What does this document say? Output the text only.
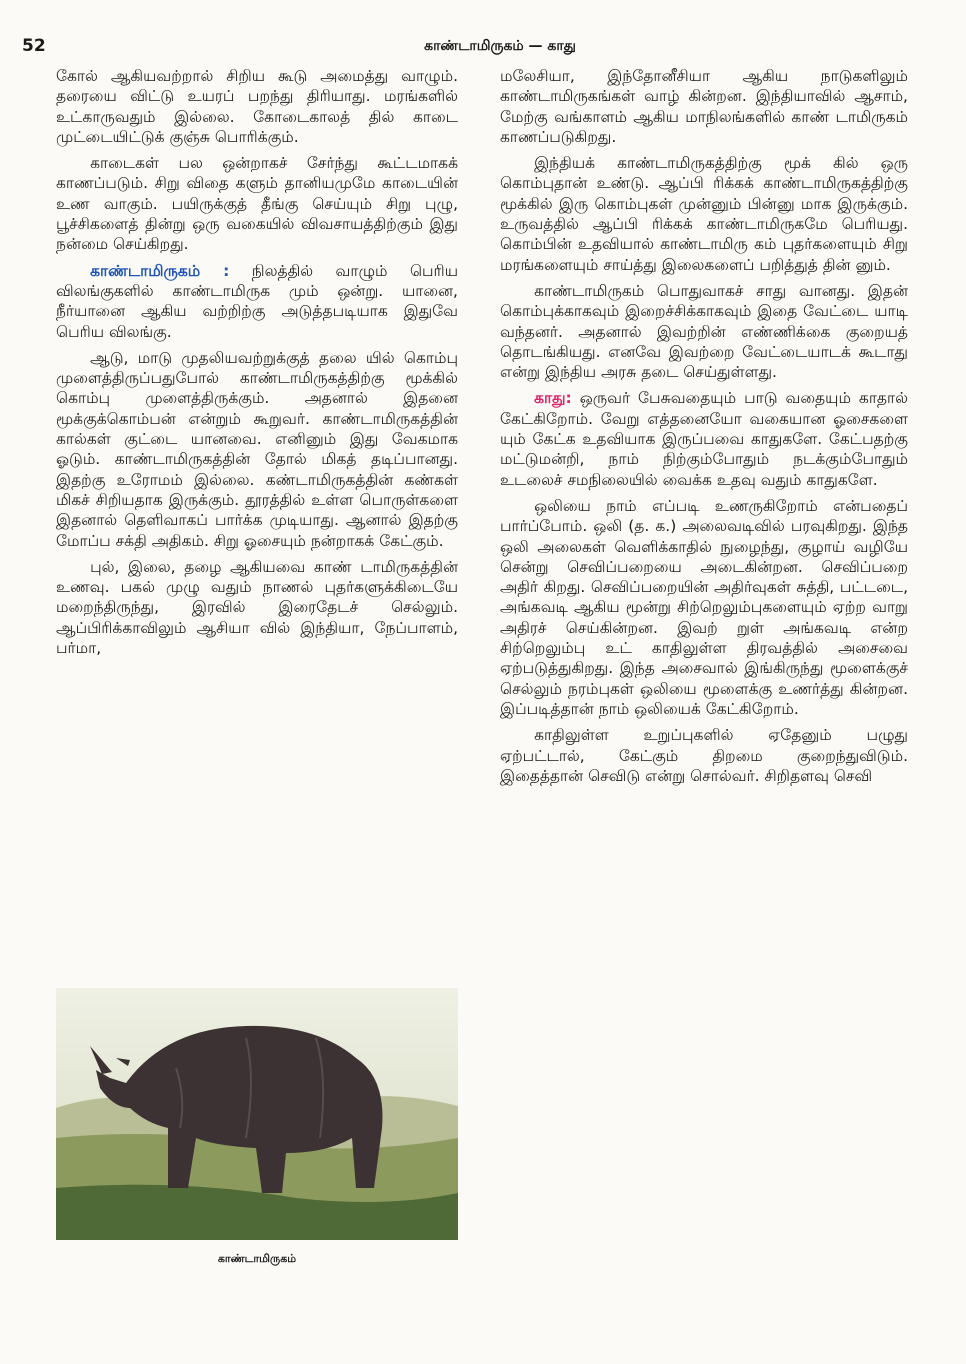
52	காண்டாமிருகம் — காது

கோல் ஆகியவற்றால் சிறிய கூடு அமைத்து வாழும். தரையை விட்டு உயரப் பறந்து திரியாது. மரங்களில் உட்காருவதும் இல்லை. கோடைகாலத் தில் காடை முட்டையிட்டுக் குஞ்சு பொரிக்கும்.

காடைகள் பல ஒன்றாகச் சேர்ந்து கூட்டமாகக் காணப்படும். சிறு விதை களும் தானியமுமே காடையின் உண வாகும். பயிருக்குத் தீங்கு செய்யும் சிறு புழு, பூச்சிகளைத் தின்று ஒரு வகையில் விவசாயத்திற்கும் இது நன்மை செய்கிறது.

காண்டாமிருகம் : நிலத்தில் வாழும் பெரிய விலங்குகளில் காண்டாமிருக மும் ஒன்று. யானை, நீர்யானை ஆகிய வற்றிற்கு அடுத்தபடியாக இதுவே பெரிய விலங்கு.

ஆடு, மாடு முதலியவற்றுக்குத் தலை யில் கொம்பு முளைத்திருப்பதுபோல் காண்டாமிருகத்திற்கு மூக்கில் கொம்பு முளைத்திருக்கும். அதனால் இதனை மூக்குக்கொம்பன் என்றும் கூறுவர். காண்டாமிருகத்தின் கால்கள் குட்டை யானவை. எனினும் இது வேகமாக ஓடும். காண்டாமிருகத்தின் தோல் மிகத் தடிப்பானது. இதற்கு உரோமம் இல்லை. கண்டாமிருகத்தின் கண்கள் மிகச் சிறியதாக இருக்கும். தூரத்தில் உள்ள பொருள்களை இதனால் தெளிவாகப் பார்க்க முடியாது. ஆனால் இதற்கு மோப்ப சக்தி அதிகம். சிறு ஓசையும் நன்றாகக் கேட்கும்.

புல், இலை, தழை ஆகியவை காண் டாமிருகத்தின் உணவு. பகல் முழு வதும் நாணல் புதர்களுக்கிடையே மறைந்திருந்து, இரவில் இரைதேடச் செல்லும். ஆப்பிரிக்காவிலும் ஆசியா வில் இந்தியா, நேப்பாளம், பர்மா,

காண்டாமிருகம்

மலேசியா, இந்தோனீசியா ஆகிய நாடுகளிலும் காண்டாமிருகங்கள் வாழ் கின்றன. இந்தியாவில் ஆசாம், மேற்கு வங்காளம் ஆகிய மாநிலங்களில் காண் டாமிருகம் காணப்படுகிறது.

இந்தியக் காண்டாமிருகத்திற்கு மூக் கில் ஒரு கொம்புதான் உண்டு. ஆப்பி ரிக்கக் காண்டாமிருகத்திற்கு மூக்கில் இரு கொம்புகள் முன்னும் பின்னு மாக இருக்கும். உருவத்தில் ஆப்பி ரிக்கக் காண்டாமிருகமே பெரியது. கொம்பின் உதவியால் காண்டாமிரு கம் புதர்களையும் சிறு மரங்களையும் சாய்த்து இலைகளைப் பறித்துத் தின் னும்.

காண்டாமிருகம் பொதுவாகச் சாது வானது. இதன் கொம்புக்காகவும் இறைச்சிக்காகவும் இதை வேட்டை யாடி வந்தனர். அதனால் இவற்றின் எண்ணிக்கை குறையத் தொடங்கியது. எனவே இவற்றை வேட்டையாடக் கூடாது என்று இந்திய அரசு தடை செய்துள்ளது.

காது: ஒருவர் பேசுவதையும் பாடு வதையும் காதால் கேட்கிறோம். வேறு எத்தனையோ வகையான ஓசைகளை யும் கேட்க உதவியாக இருப்பவை காதுகளே. கேட்பதற்கு மட்டுமன்றி, நாம் நிற்கும்போதும் நடக்கும்போதும் உடலைச் சமநிலையில் வைக்க உதவு வதும் காதுகளே.

ஒலியை நாம் எப்படி உணருகிறோம் என்பதைப் பார்ப்போம். ஒலி (த. க.) அலைவடிவில் பரவுகிறது. இந்த ஒலி அலைகள் வெளிக்காதில் நுழைந்து, குழாய் வழியே சென்று செவிப்பறையை அடைகின்றன. செவிப்பறை அதிர் கிறது. செவிப்பறையின் அதிர்வுகள் சுத்தி, பட்டடை, அங்கவடி ஆகிய மூன்று சிற்றெலும்புகளையும் ஏற்ற வாறு அதிரச் செய்கின்றன. இவற் றுள் அங்கவடி என்ற சிற்றெலும்பு உட் காதிலுள்ள திரவத்தில் அசைவை ஏற்படுத்துகிறது. இந்த அசைவால் இங்கிருந்து மூளைக்குச் செல்லும் நரம்புகள் ஒலியை மூளைக்கு உணர்த்து கின்றன. இப்படித்தான் நாம் ஒலியைக் கேட்கிறோம்.

காதிலுள்ள உறுப்புகளில் ஏதேனும் பழுது ஏற்பட்டால், கேட்கும் திறமை குறைந்துவிடும். இதைத்தான் செவிடு என்று சொல்வர். சிறிதளவு செவி
